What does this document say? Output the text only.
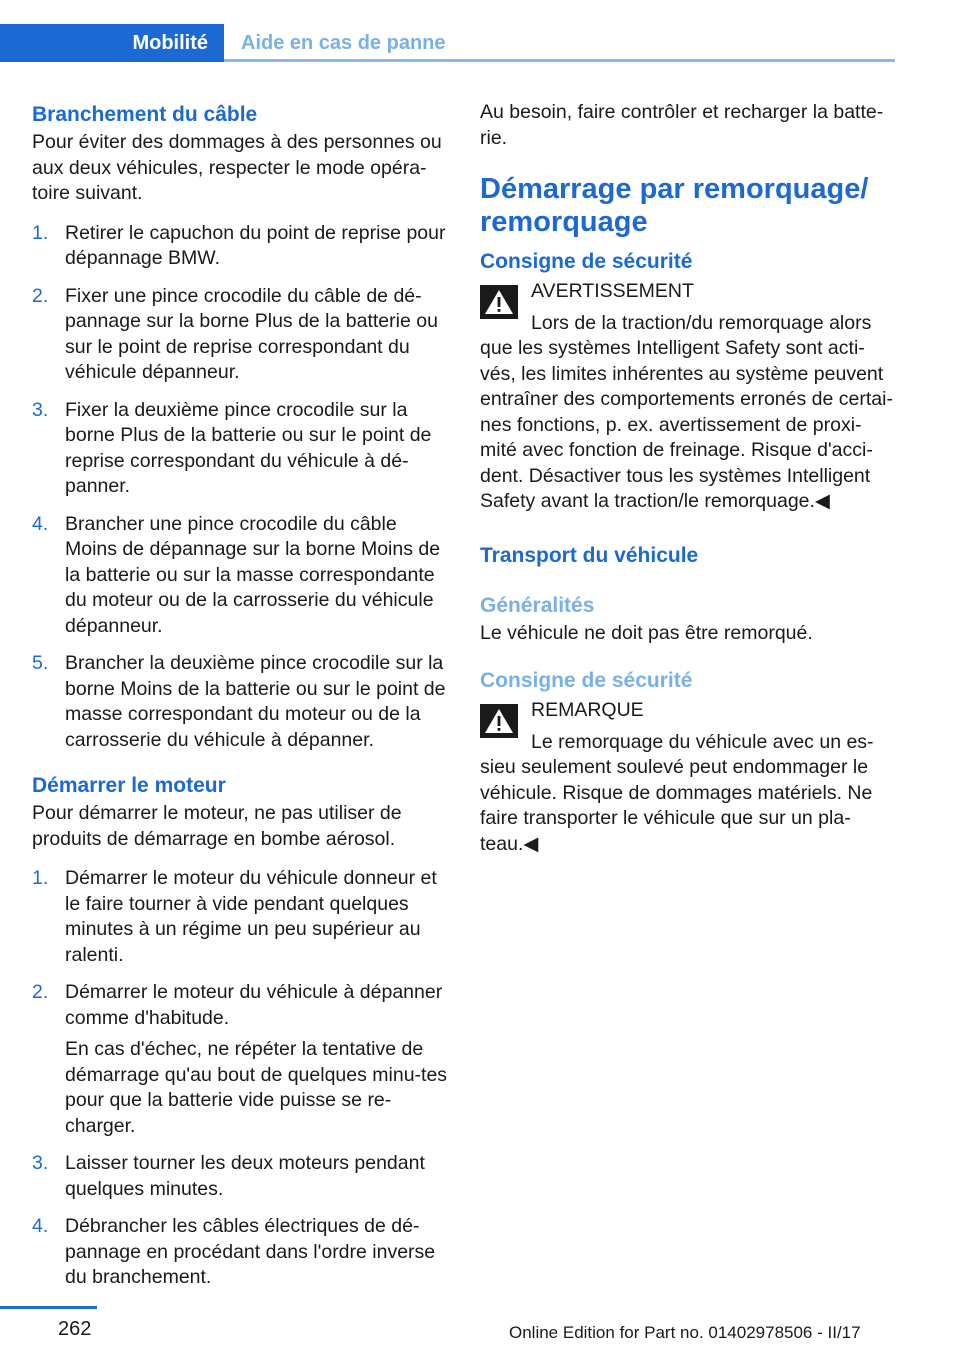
Mobilité	Aide en cas de panne
Branchement du câble

Pour éviter des dommages à des personnes ou aux deux véhicules, respecter le mode opéra-toire suivant.

1. Retirer le capuchon du point de reprise pour dépannage BMW.
2. Fixer une pince crocodile du câble de dé-pannage sur la borne Plus de la batterie ou sur le point de reprise correspondant du véhicule dépanneur.
3. Fixer la deuxième pince crocodile sur la borne Plus de la batterie ou sur le point de reprise correspondant du véhicule à dé-panner.
4. Brancher une pince crocodile du câble Moins de dépannage sur la borne Moins de la batterie ou sur la masse correspondante du moteur ou de la carrosserie du véhicule dépanneur.
5. Brancher la deuxième pince crocodile sur la borne Moins de la batterie ou sur le point de masse correspondant du moteur ou de la carrosserie du véhicule à dépanner.
Démarrer le moteur

Pour démarrer le moteur, ne pas utiliser de produits de démarrage en bombe aérosol.

1. Démarrer le moteur du véhicule donneur et le faire tourner à vide pendant quelques minutes à un régime un peu supérieur au ralenti.
2. Démarrer le moteur du véhicule à dépanner comme d'habitude.
En cas d'échec, ne répéter la tentative de démarrage qu'au bout de quelques minu-tes pour que la batterie vide puisse se re-charger.
3. Laisser tourner les deux moteurs pendant quelques minutes.
4. Débrancher les câbles électriques de dé-pannage en procédant dans l'ordre inverse du branchement.

Au besoin, faire contrôler et recharger la batte-rie.

Démarrage par remorquage/ remorquage
Consigne de sécurité
AVERTISSEMENT
Lors de la traction/du remorquage alors
que les systèmes Intelligent Safety sont acti-vés, les limites inhérentes au système peuvent entraîner des comportements erronés de certai-nes fonctions, p. ex. avertissement de proxi-mité avec fonction de freinage. Risque d'acci-dent. Désactiver tous les systèmes Intelligent Safety avant la traction/le remorquage.◀
Transport du véhicule
Généralités

Le véhicule ne doit pas être remorqué.

Consigne de sécurité
REMARQUE
Le remorquage du véhicule avec un es-
sieu seulement soulevé peut endommager le véhicule. Risque de dommages matériels. Ne faire transporter le véhicule que sur un pla-teau.◀
262	Online Edition for Part no. 01402978506 - II/17
